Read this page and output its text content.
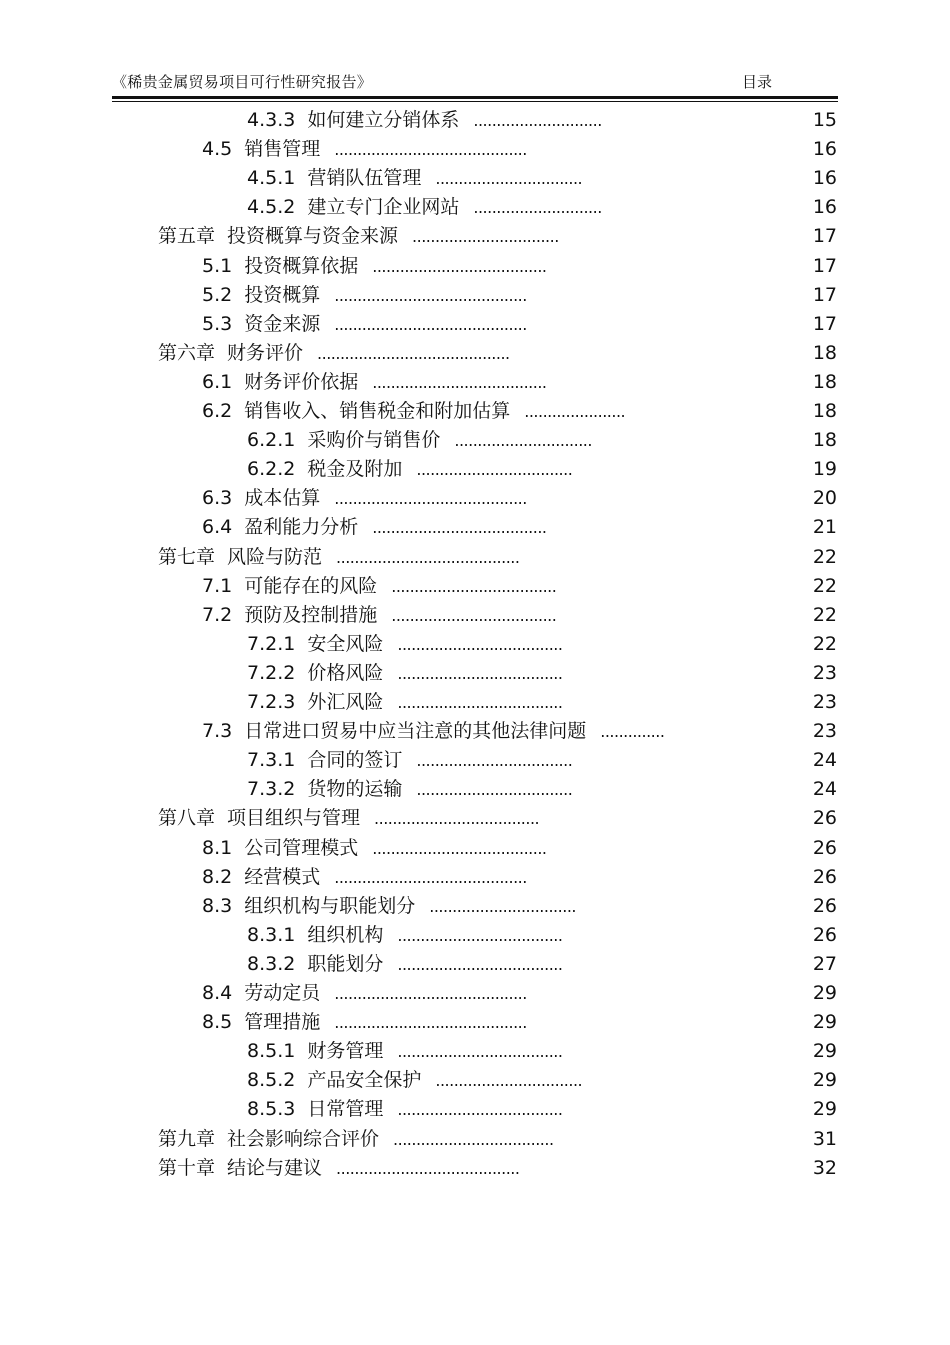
《稀贵金属贸易项目可行性研究报告》	目录
4.3.3 如何建立分销体系 ............................	15
4.5 销售管理 ..........................................	16
4.5.1 营销队伍管理 ................................	16
4.5.2 建立专门企业网站 ............................	16
第五章 投资概算与资金来源 ................................	17
5.1 投资概算依据 ......................................	17
5.2 投资概算 ..........................................	17
5.3 资金来源 ..........................................	17
第六章 财务评价 ..........................................	18
6.1 财务评价依据 ......................................	18
6.2 销售收入、销售税金和附加估算 ......................	18
6.2.1 采购价与销售价 ..............................	18
6.2.2 税金及附加 ..................................	19
6.3 成本估算 ..........................................	20
6.4 盈利能力分析 ......................................	21
第七章 风险与防范 ........................................	22
7.1 可能存在的风险 ....................................	22
7.2 预防及控制措施 ....................................	22
7.2.1 安全风险 ....................................	22
7.2.2 价格风险 ....................................	23
7.2.3 外汇风险 ....................................	23
7.3 日常进口贸易中应当注意的其他法律问题 ..............	23
7.3.1 合同的签订 ..................................	24
7.3.2 货物的运输 ..................................	24
第八章 项目组织与管理 ....................................	26
8.1 公司管理模式 ......................................	26
8.2 经营模式 ..........................................	26
8.3 组织机构与职能划分 ................................	26
8.3.1 组织机构 ....................................	26
8.3.2 职能划分 ....................................	27
8.4 劳动定员 ..........................................	29
8.5 管理措施 ..........................................	29
8.5.1 财务管理 ....................................	29
8.5.2 产品安全保护 ................................	29
8.5.3 日常管理 ....................................	29
第九章 社会影响综合评价 ...................................	31
第十章 结论与建议 ........................................	32
